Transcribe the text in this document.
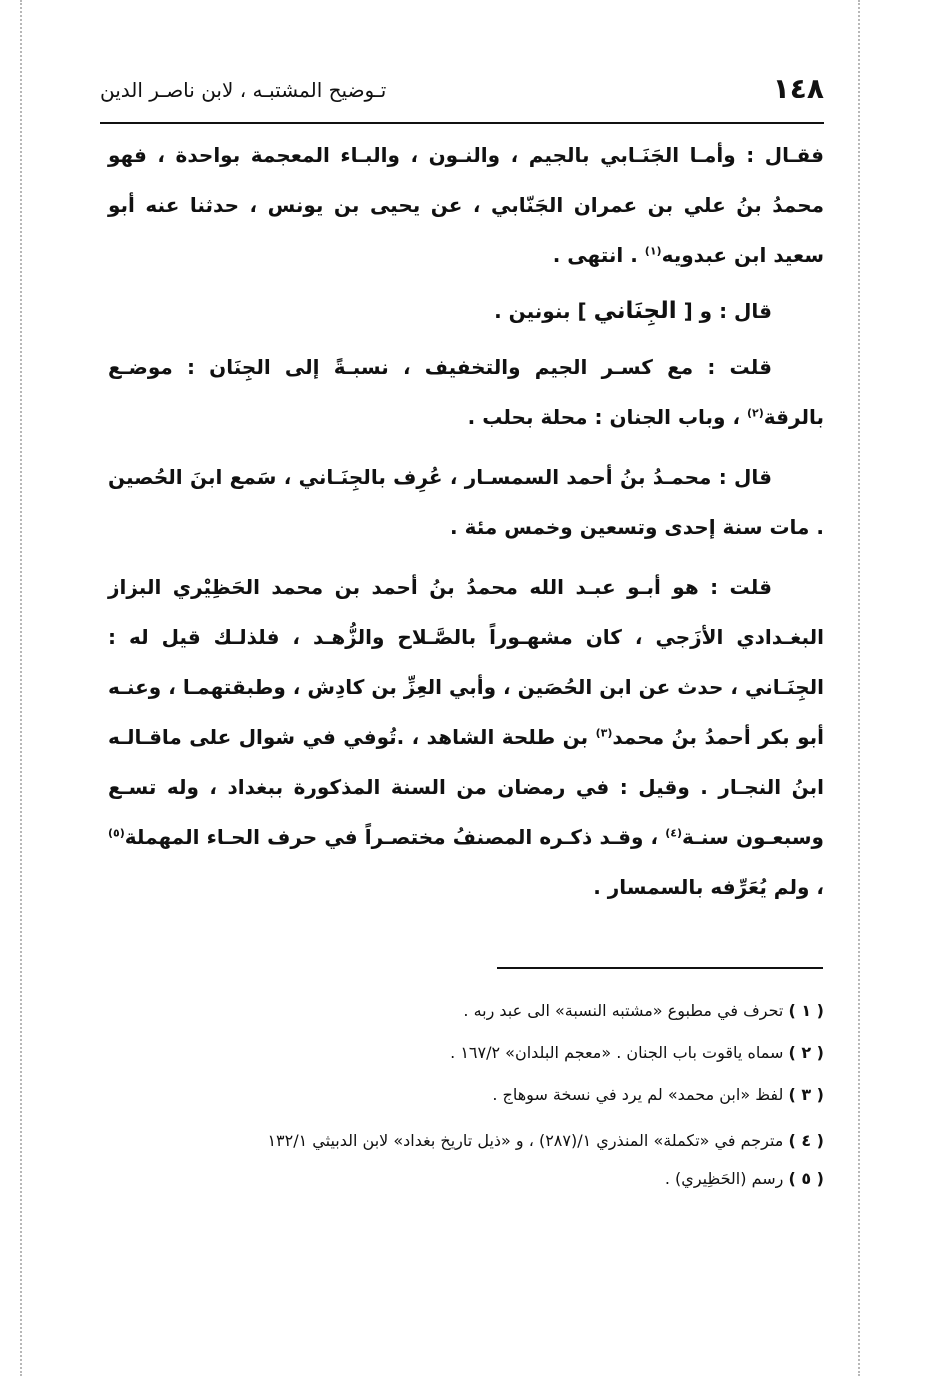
١٤٨
تـوضيح المشتبـه ، لابن ناصـر الدين

فقـال : وأمـا الجَنَـابي بالجيم ، والنـون ، والبـاء المعجمة بواحدة ، فهو محمدُ بنُ علي بن عمران الجَنّابي ، عن يحيى بن يونس ، حدثنا عنه أبو سعيد ابن عبدويه$^{(١)}$ . انتهى .

قال : و [ الجِنَاني ] بنونين .

قلت : مع كسـر الجيم والتخفيف ، نسبـةً إلى الجِنَان : موضـع بالرقة$^{(٢)}$ ، وباب الجنان : محلة بحلب .

قال : محمـدُ بنُ أحمد السمسـار ، عُرِف بالجِنَـاني ، سَمع ابنَ الحُصين . مات سنة إحدى وتسعين وخمس مئة .

قلت : هو أبـو عبـد الله محمدُ بنُ أحمد بن محمد الحَظِيْري البزاز البغـدادي الأزَجي ، كان مشهـوراً بالصَّـلاح والزُّهـد ، فلذلـك قيل له : الجِنَـاني ، حدث عن ابن الحُصَين ، وأبي العِزِّ بن كادِش ، وطبقتهمـا ، وعنـه أبو بكر أحمدُ بنُ محمد$^{(٣)}$ بن طلحة الشاهد ، .تُوفي في شوال على ماقـالـه ابنُ النجـار . وقيل : في رمضان من السنة المذكورة ببغداد ، وله تسـع وسبعـون سنـة$^{(٤)}$ ، وقـد ذكـره المصنفُ مختصـراً في حرف الحـاء المهملة$^{(٥)}$ ، ولم يُعَرِّفه بالسمسار .

( ١ ) تحرف في مطبوع «مشتبه النسبة» الى عبد ربه .
( ٢ ) سماه ياقوت باب الجنان . «معجم البلدان» ١٦٧/٢ .
( ٣ ) لفظ «ابن محمد» لم يرد في نسخة سوهاج .
( ٤ ) مترجم في «تكملة» المنذري ١/(٢٨٧) ، و «ذيل تاريخ بغداد» لابن الدبيثي ١٣٢/١
( ٥ ) رسم (الحَظِيري) .
